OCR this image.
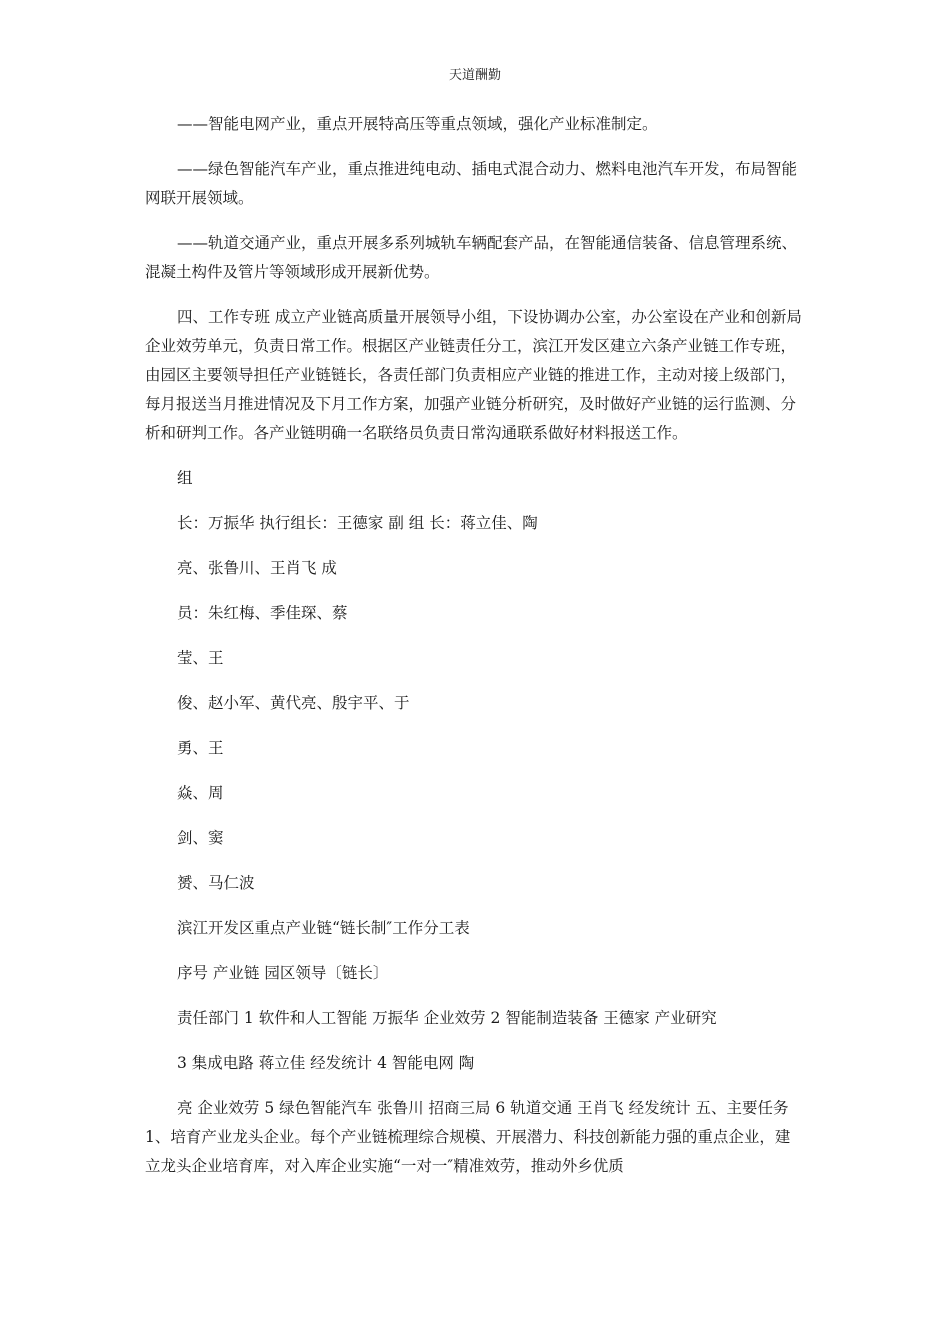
天道酬勤

——智能电网产业，重点开展特高压等重点领域，强化产业标准制定。

——绿色智能汽车产业，重点推进纯电动、插电式混合动力、燃料电池汽车开发，布局智能网联开展领域。

——轨道交通产业，重点开展多系列城轨车辆配套产品，在智能通信装备、信息管理系统、混凝土构件及管片等领域形成开展新优势。

四、工作专班 成立产业链高质量开展领导小组，下设协调办公室，办公室设在产业和创新局企业效劳单元，负责日常工作。根据区产业链责任分工，滨江开发区建立六条产业链工作专班，由园区主要领导担任产业链链长，各责任部门负责相应产业链的推进工作，主动对接上级部门，每月报送当月推进情况及下月工作方案，加强产业链分析研究，及时做好产业链的运行监测、分析和研判工作。各产业链明确一名联络员负责日常沟通联系做好材料报送工作。

组

长：万振华 执行组长：王德家 副 组 长：蒋立佳、陶

亮、张鲁川、王肖飞 成

员：朱红梅、季佳琛、蔡

莹、王

俊、赵小军、黄代亮、殷宇平、于

勇、王

焱、周

剑、窦

赟、马仁波

滨江开发区重点产业链“链长制″工作分工表

序号 产业链 园区领导〔链长〕

责任部门 1 软件和人工智能 万振华 企业效劳 2 智能制造装备 王德家 产业研究

3 集成电路 蒋立佳 经发统计 4 智能电网 陶

亮 企业效劳 5 绿色智能汽车 张鲁川 招商三局 6 轨道交通 王肖飞 经发统计 五、主要任务 1、培育产业龙头企业。每个产业链梳理综合规模、开展潜力、科技创新能力强的重点企业，建立龙头企业培育库，对入库企业实施“一对一″精准效劳，推动外乡优质
